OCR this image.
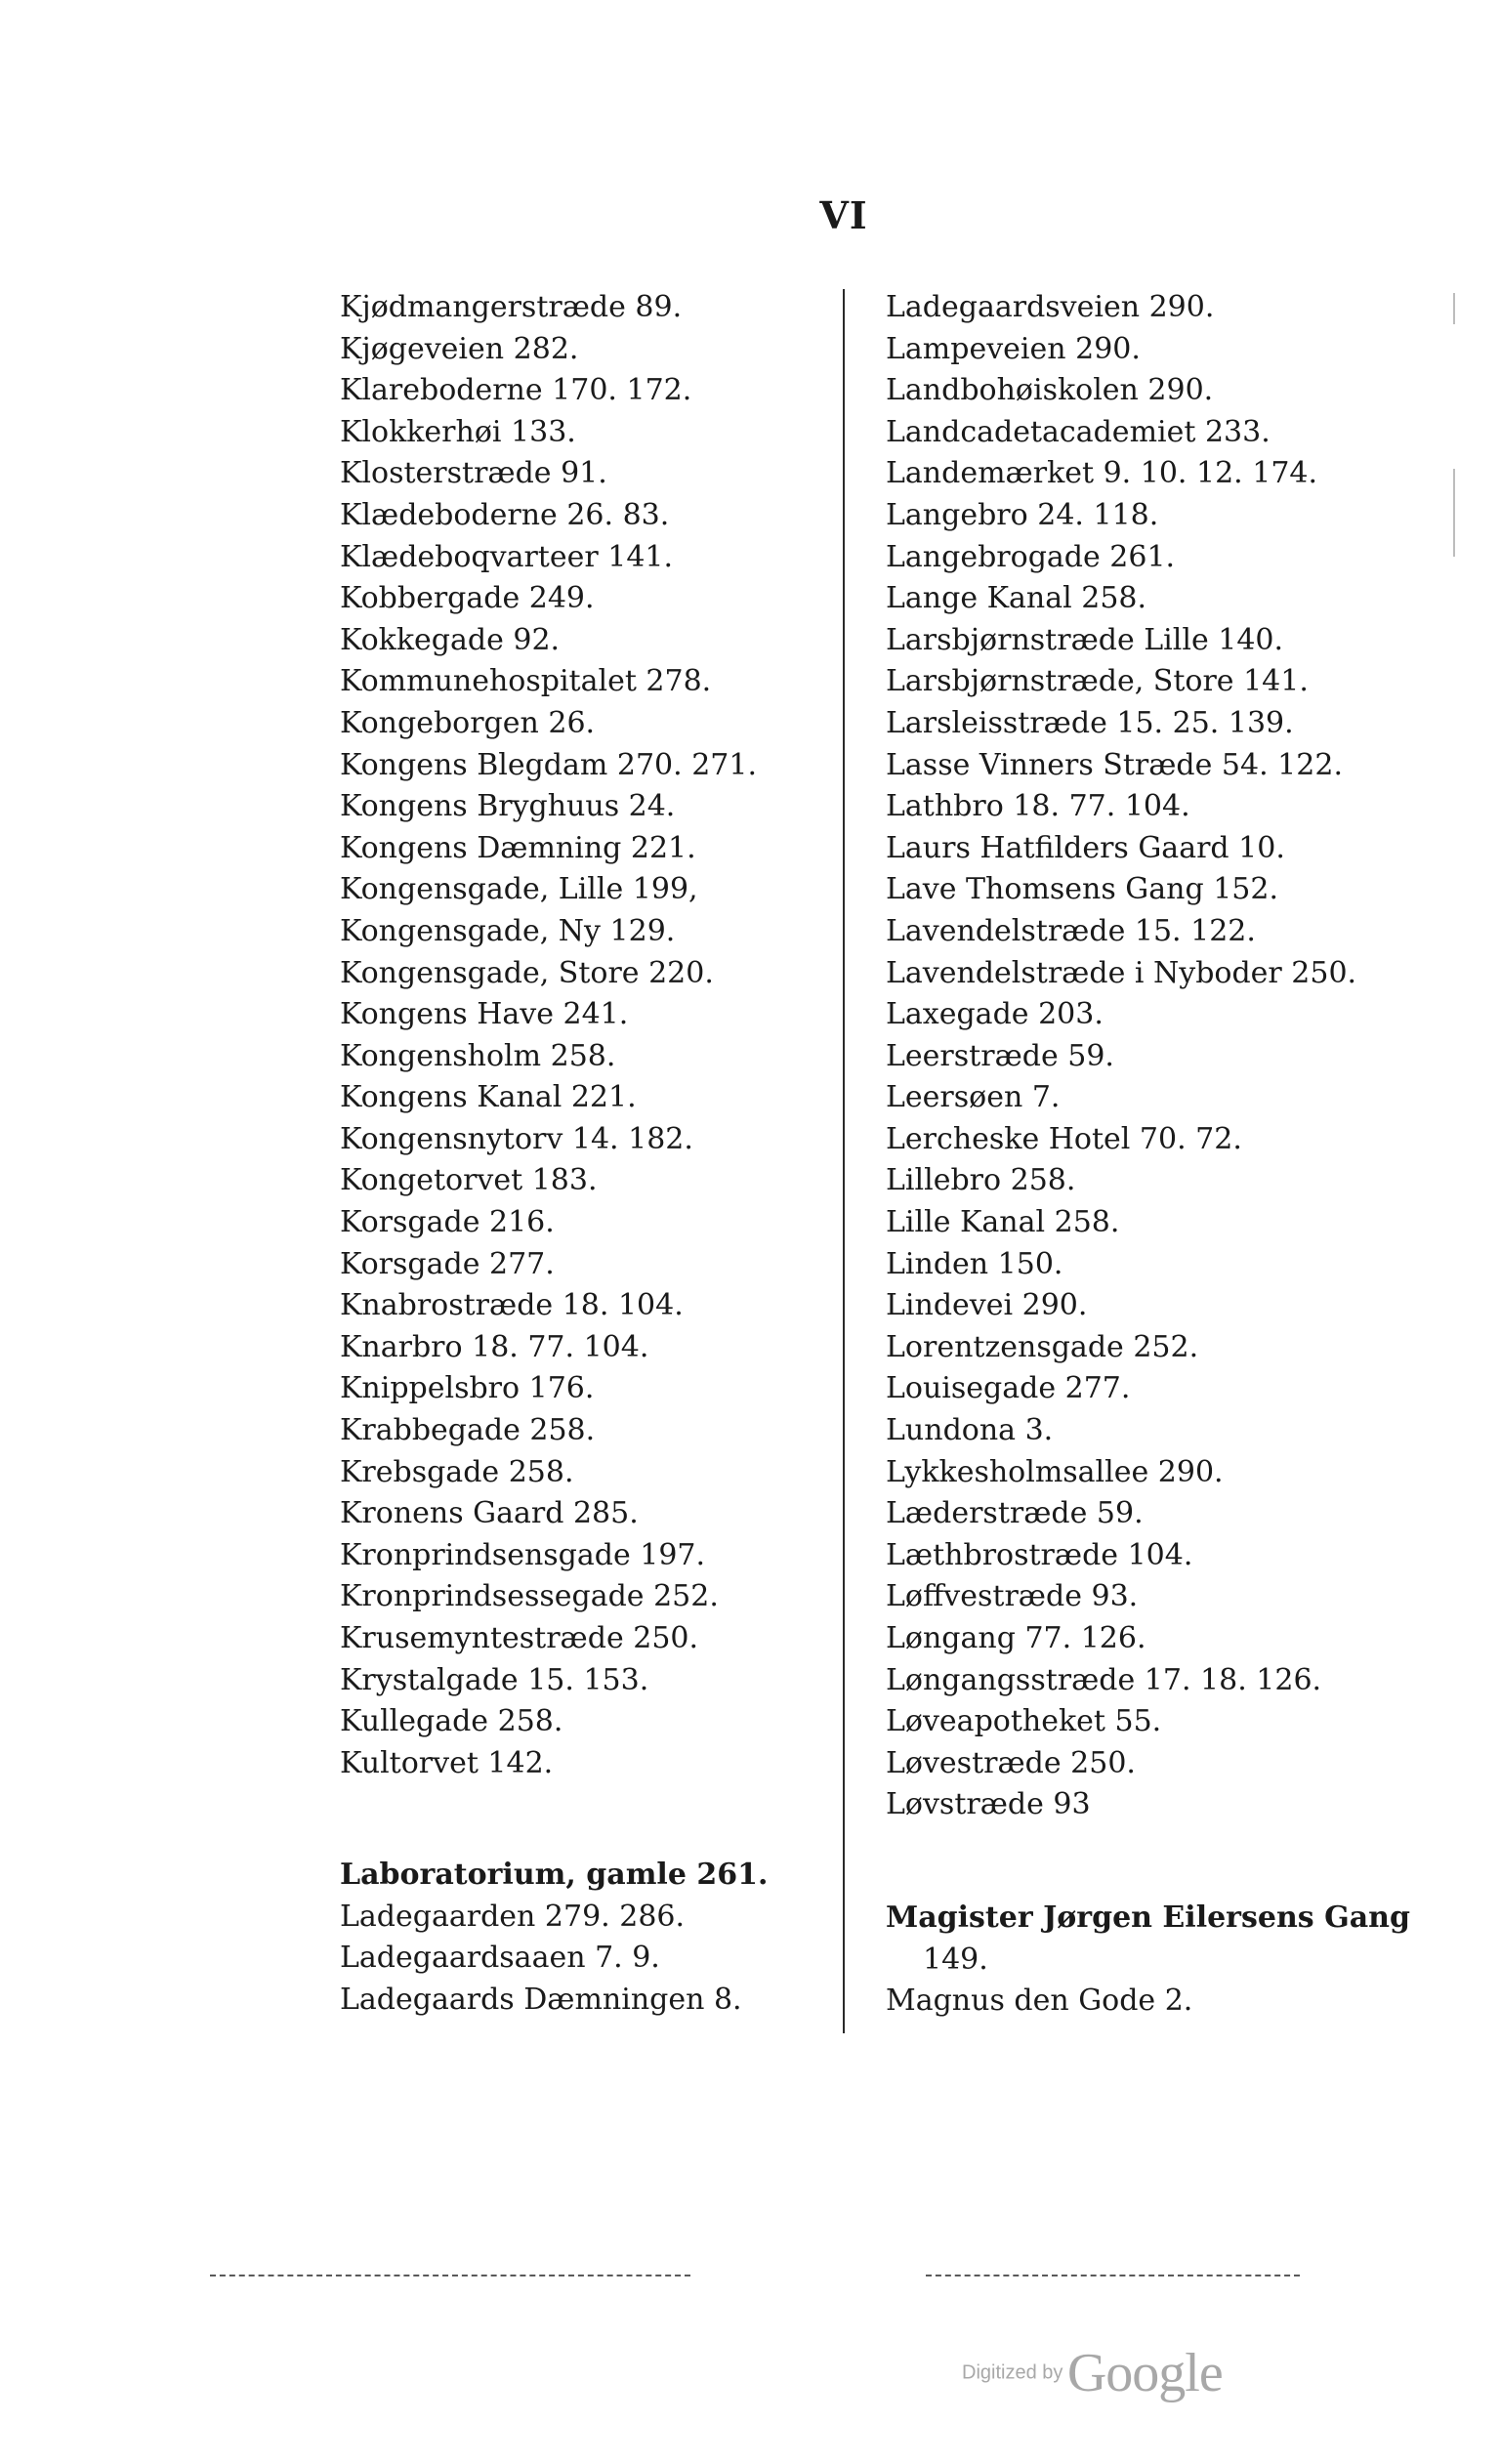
VI
Kjødmangerstræde 89.
Kjøgeveien 282.
Klareboderne 170. 172.
Klokkerhøi 133.
Klosterstræde 91.
Klædeboderne 26. 83.
Klædeboqvarteer 141.
Kobbergade 249.
Kokkegade 92.
Kommunehospitalet 278.
Kongeborgen 26.
Kongens Blegdam 270. 271.
Kongens Bryghuus 24.
Kongens Dæmning 221.
Kongensgade, Lille 199,
Kongensgade, Ny 129.
Kongensgade, Store 220.
Kongens Have 241.
Kongensholm 258.
Kongens Kanal 221.
Kongensnytorv 14. 182.
Kongetorvet 183.
Korsgade 216.
Korsgade 277.
Knabrostræde 18. 104.
Knarbro 18. 77. 104.
Knippelsbro 176.
Krabbegade 258.
Krebsgade 258.
Kronens Gaard 285.
Kronprindsensgade 197.
Kronprindsessegade 252.
Krusemyntestræde 250.
Krystalgade 15. 153.
Kullegade 258.
Kultorvet 142.
Laboratorium, gamle 261.
Ladegaarden 279. 286.
Ladegaardsaaen 7. 9.
Ladegaards Dæmningen 8.
Ladegaardsveien 290.
Lampeveien 290.
Landbohøiskolen 290.
Landcadetacademiet 233.
Landemærket 9. 10. 12. 174.
Langebro 24. 118.
Langebrogade 261.
Lange Kanal 258.
Larsbjørnstræde Lille 140.
Larsbjørnstræde, Store 141.
Larsleisstræde 15. 25. 139.
Lasse Vinners Stræde 54. 122.
Lathbro 18. 77. 104.
Laurs Hatfilders Gaard 10.
Lave Thomsens Gang 152.
Lavendelstræde 15. 122.
Lavendelstræde i Nyboder 250.
Laxegade 203.
Leerstræde 59.
Leersøen 7.
Lercheske Hotel 70. 72.
Lillebro 258.
Lille Kanal 258.
Linden 150.
Lindevei 290.
Lorentzensgade 252.
Louisegade 277.
Lundona 3.
Lykkesholmsallee 290.
Læderstræde 59.
Læthbrostræde 104.
Løffvestræde 93.
Løngang 77. 126.
Løngangsstræde 17. 18. 126.
Løveapotheket 55.
Løvestræde 250.
Løvstræde 93
Magister Jørgen Eilersens Gang
149.
Magnus den Gode 2.
Digitized by Google
